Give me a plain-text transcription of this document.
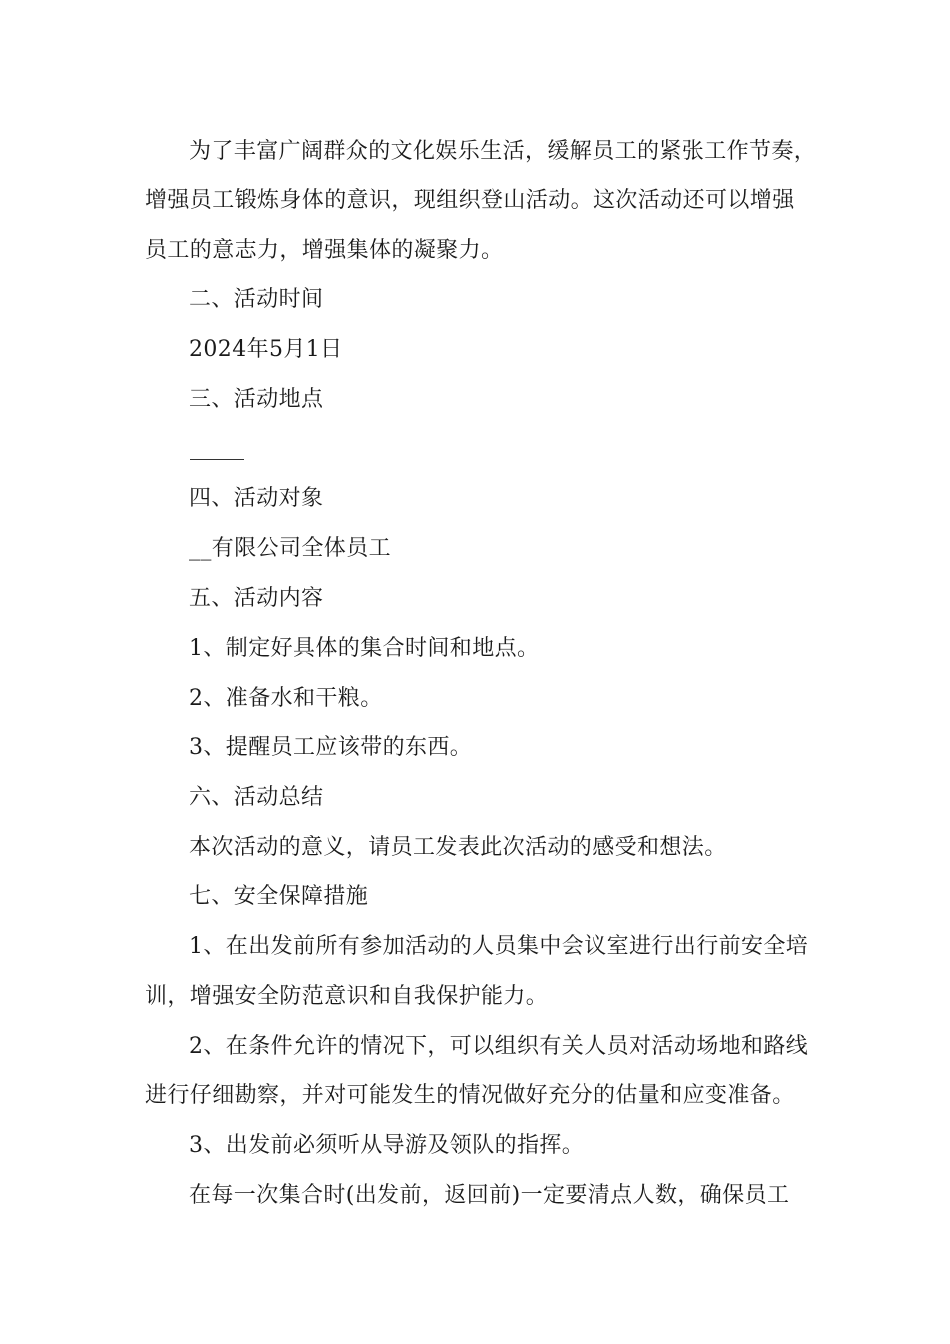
为了丰富广阔群众的文化娱乐生活，缓解员工的紧张工作节奏，
增强员工锻炼身体的意识，现组织登山活动。这次活动还可以增强
员工的意志力，增强集体的凝聚力。
二、活动时间
2024年5月1日
三、活动地点
四、活动对象
__有限公司全体员工
五、活动内容
1、制定好具体的集合时间和地点。
2、准备水和干粮。
3、提醒员工应该带的东西。
六、活动总结
本次活动的意义，请员工发表此次活动的感受和想法。
七、安全保障措施
1、在出发前所有参加活动的人员集中会议室进行出行前安全培
训，增强安全防范意识和自我保护能力。
2、在条件允许的情况下，可以组织有关人员对活动场地和路线
进行仔细勘察，并对可能发生的情况做好充分的估量和应变准备。
3、出发前必须听从导游及领队的指挥。
在每一次集合时(出发前，返回前)一定要清点人数，确保员工
